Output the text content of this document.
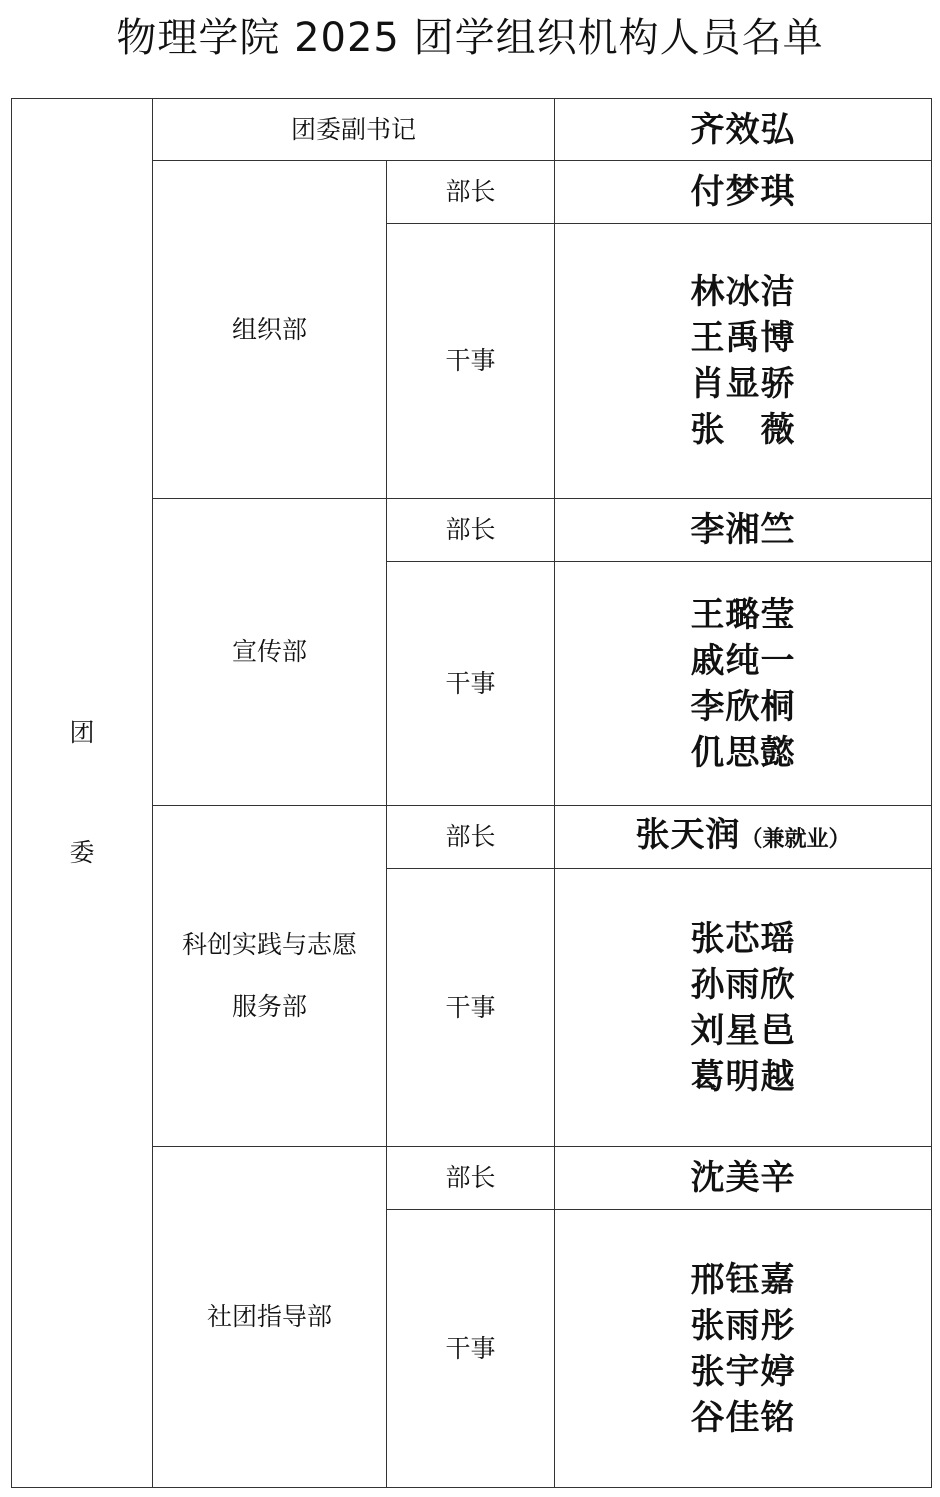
物理学院 2025 团学组织机构人员名单
团
委	团委副书记		齐效弘

	组织部	部长	付梦琪
		干事	林冰洁
王禹博
肖显骄
张　薇

	宣传部	部长	李湘竺
		干事	王璐莹
戚纯一
李欣桐
仉思懿

	科创实践与志愿
服务部	部长	张天润（兼就业）
		干事	张芯瑶
孙雨欣
刘星邑
葛明越

	社团指导部	部长	沈美辛
		干事	邢钰嘉
张雨彤
张宇婷
谷佳铭
